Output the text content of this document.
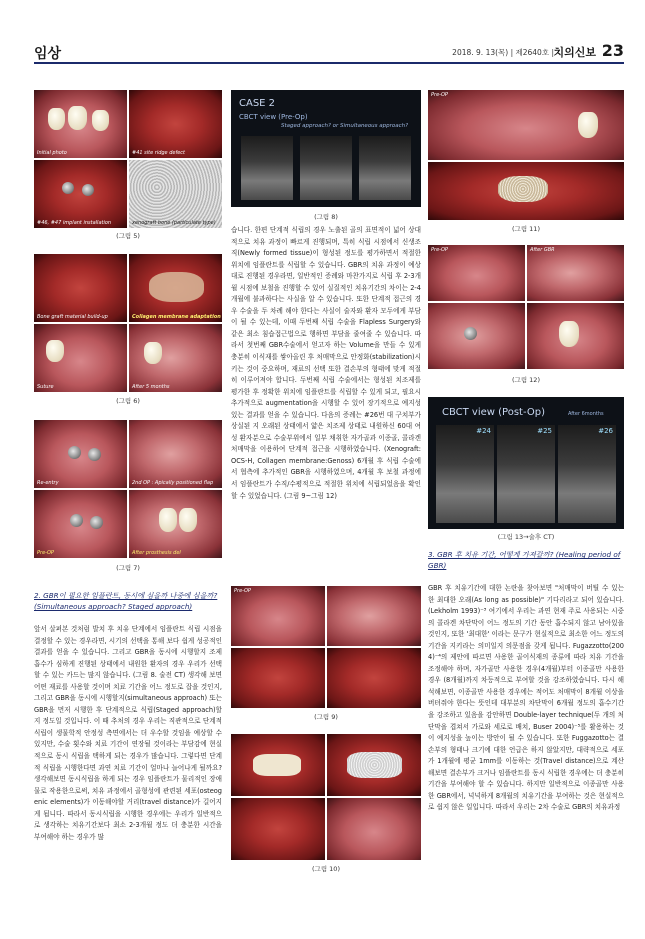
임상	2018. 9. 13(목) | 제2640호 | 치의신보 23
Initial photo	#41 site ridge defect
#46, #47 implant installation	xenograft bone (particulate type)
(그림 5)
Bone graft material build-up	Collagen membrane adaptation
Suture	After 5 months
(그림 6)
Re-entry	2nd OP : Apically positioned flap
Pre-OP	After prosthesis del
(그림 7)
CASE 2
CBCT view (Pre-Op)
Staged approach? or Simultaneous approach?
(그림 8)
습니다. 한편 단계적 식립의 경우 노출된 골의 표면적이 넓어 상대적으로 치유 과정이 빠르게 진행되며, 특히 식립 시점에서 신생조직(Newly formed tissue)이 형성된 정도를 평가하면서 적절한 위치에 임플란트를 식립할 수 있습니다. GBR의 치유 과정이 예상대로 진행된 경우라면, 일반적인 증례와 마찬가지로 식립 후 2-3개월 시점에 보철을 진행할 수 있어 실질적인 치유기간의 차이는 2-4개월에 불과하다는 사실을 알 수 있습니다. 또한 단계적 접근의 경우 수술을 두 차례 해야 한다는 사실이 술자와 환자 모두에게 부담이 될 수 있는데, 이때 두번째 식립 수술을 Flapless Surgery와 같은 최소 침습접근법으로 행하면 부담을 줄여줄 수 있습니다. 따라서 첫번째 GBR수술에서 얻고자 하는 Volume을 만들 수 있게 충분히 이식재를 쌓아올린 후 처매막으로 안정화(stabilization)시키는 것이 중요하며, 재료의 선택 또한 결손부의 형태에 맞게 적절히 이루어져야 합니다. 두번째 식립 수술에서는 형성된 치조제를 평가한 후 정확한 위치에 임플란트를 식립할 수 있게 되고, 필요시 추가적으로 augmentation을 시행할 수 있어 장기적으로 예지성 있는 결과를 얻을 수 있습니다. 다음의 증례는 #26번 대 구치부가 상실된 지 오래된 상태에서 얇은 치조제 상태로 내원하신 60대 여성 환자분으로 수술부위에서 일부 채취한 자가골과 이종골, 콜라겐 처매막을 이용하여 단계적 접근을 시행하였습니다. (Xenograft: OCS-H, Collagen membrane:Genoss) 6개월 후 식립 수술에서 협측에 추가적인 GBR을 시행하였으며, 4개월 후 보철 과정에서 임플란트가 수직/수평적으로 적절한 위치에 식립되었음을 확인할 수 있었습니다. (그림 9~그림 12)
Pre-OP
(그림 9)
(그림 10)
Pre-OP
(그림 11)
Pre-OP	After GBR
(그림 12)
CBCT view (Post-Op)	After 6months
#24	#25	#26
(그림 13→술후 CT)
2. GBR이 필요한 임플란트, 동시에 심을까 나중에 심을까? (Simultaneous approach? Staged approach)
앞서 살펴본 것처럼 발치 후 치유 단계에서 임플란트 식립 시점을 결정할 수 있는 경우라면, 시기의 선택을 통해 보다 쉽게 성공적인 결과를 얻을 수 있습니다. 그리고 GBR을 동시에 시행할지 조제 흡수가 심하게 진행된 상태에서 내원한 환자의 경우 우리가 선택할 수 있는 카드는 많지 않습니다. (그림 8. 술전 CT) 생각해 보면 어떤 재료를 사용할 것이며 치료 기간을 어느 정도로 잡을 것인지, 그리고 GBR을 동시에 시행할지(simultaneous approach) 또는 GBR을 먼저 시행한 후 단계적으로 식립(Staged approach)할 지 정도일 것입니다. 이 때 추처의 경우 우리는 직관적으로 단계적 식립이 생물학적 안정성 측면에서는 더 우수할 것임을 예상할 수 있지만, 수술 횟수와 치료 기간이 연장될 것이라는 부담감에 현실적으로 동시 식립을 택하게 되는 경우가 많습니다. 그렇다면 단계적 식립을 시행한다면 과연 치료 기간이 얼마나 늘어나게 될까요? 생각해보면 동시식립을 하게 되는 경우 임플란트가 물리적인 장애물로 작용한으로써, 치유 과정에서 골형성에 관련된 세포(osteogenic elements)가 이동해야할 거리(travel distance)가 길어지게 됩니다. 따라서 동시식립을 시행한 경우에는 우리가 일반적으로 생각하는 치유기간보다 최소 2-3개월 정도 더 충분한 시간을 부여해야 하는 경우가 많
3. GBR 후 치유 기간, 어떻게 가져갈까? (Healing period of GBR)
GBR 후 치유기간에 대한 논란을 찾아보면 "처매막이 버틸 수 있는 한 최대한 오래(As long as possible)" 기다리라고 되어 있습니다. (Lekholm 1993)⁻³ 여기에서 우리는 과연 현재 주로 사용되는 시중의 콜라겐 차단막이 어느 정도의 기간 동안 흡수되지 않고 남아있을 것인지, 또한 '최대한' 이라는 문구가 현실적으로 최소한 어느 정도의 기간을 지키라는 의미일지 의문점을 갖게 됩니다. Fugazzotto(2004)⁻⁴의 제안에 따르면 사용한 골이식재의 종류에 따라 치유 기간을 조정해야 하며, 자가골만 사용한 경우(4개월)부터 이종골만 사용한 경우 (8개월)까지 차등적으로 부여할 것을 강조하였습니다. 다시 해석해보면, 이종골만 사용한 경우에는 적어도 처매막이 8개월 이상을 버텨줘야 한다는 뜻인데 대부분의 차단막이 6개월 정도의 흡수기간을 강조하고 있음을 감안하면 Double-layer technique(두 개의 처단막을 겹쳐서 가로와 세로로 배치, Buser 2004)⁻⁵를 활용하는 것이 예지성을 높이는 방안이 될 수 있습니다. 또한 Fuggazotto는 결손부의 형태나 크기에 대한 언급은 하지 않았지만, 대략적으로 세포가 1개월에 평균 1mm를 이동하는 것(Travel distance)으로 계산해보면 결손부가 크거나 임플란트를 동시 식립한 경우에는 더 충분히 기간을 부여해야 할 수 있습니다. 하지만 일반적으로 이종골만 사용한 GBR에서, 넉넉하게 8개월의 치유기간을 부여하는 것은 현실적으로 쉽지 않은 일입니다. 따라서 우리는 2차 수술로 GBR의 치유과정
